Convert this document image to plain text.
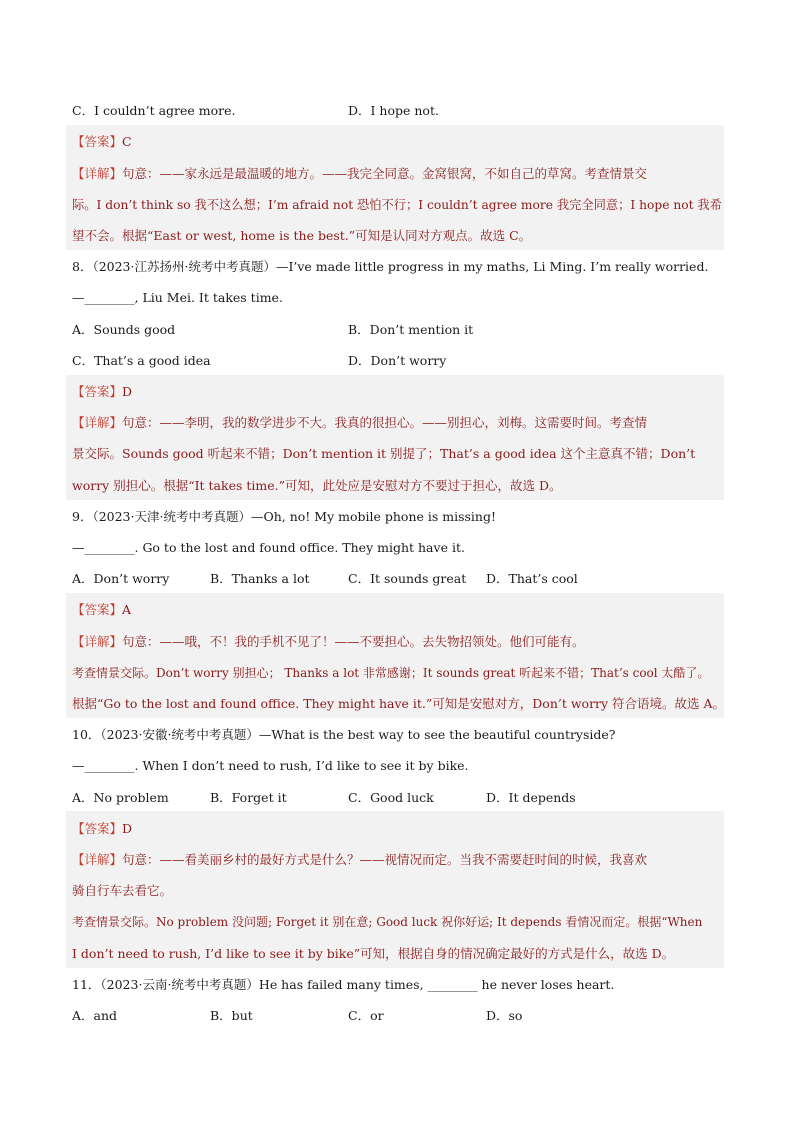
C．I couldn’t agree more.	D．I hope not.
【答案】C
【详解】句意：——家永远是最温暖的地方。——我完全同意。金窝银窝，不如自己的草窝。考查情景交
际。I don’t think so 我不这么想；I’m afraid not 恐怕不行；I couldn’t agree more 我完全同意；I hope not 我希
望不会。根据“East or west, home is the best.”可知是认同对方观点。故选 C。
8．（2023·江苏扬州·统考中考真题）—I’ve made little progress in my maths, Li Ming. I’m really worried.
—________, Liu Mei. It takes time.
A．Sounds good	B．Don’t mention it
C．That’s a good idea	D．Don’t worry
【答案】D
【详解】句意：——李明，我的数学进步不大。我真的很担心。——别担心，刘梅。这需要时间。考查情
景交际。Sounds good 听起来不错；Don’t mention it 别提了；That’s a good idea 这个主意真不错；Don’t
worry 别担心。根据“It takes time.”可知，此处应是安慰对方不要过于担心，故选 D。
9．（2023·天津·统考中考真题）—Oh, no! My mobile phone is missing!
—________. Go to the lost and found office. They might have it.
A．Don’t worry	B．Thanks a lot	C．It sounds great D．That’s cool
【答案】A
【详解】句意：——哦，不！我的手机不见了！——不要担心。去失物招领处。他们可能有。
考查情景交际。Don’t worry 别担心； Thanks a lot 非常感谢；It sounds great 听起来不错；That’s cool 太酷了。
根据“Go to the lost and found office. They might have it.”可知是安慰对方，Don’t worry 符合语境。故选 A。
10．（2023·安徽·统考中考真题）—What is the best way to see the beautiful countryside?
—________. When I don’t need to rush, I’d like to see it by bike.
A．No problem	B．Forget it	C．Good luck	D．It depends
【答案】D
【详解】句意：——看美丽乡村的最好方式是什么？——视情况而定。当我不需要赶时间的时候，我喜欢
骑自行车去看它。
考查情景交际。No problem 没问题; Forget it 别在意; Good luck 祝你好运; It depends 看情况而定。根据“When
I don’t need to rush, I’d like to see it by bike”可知，根据自身的情况确定最好的方式是什么，故选 D。
11．（2023·云南·统考中考真题）He has failed many times, ________ he never loses heart.
A．and	B．but	C．or	D．so
